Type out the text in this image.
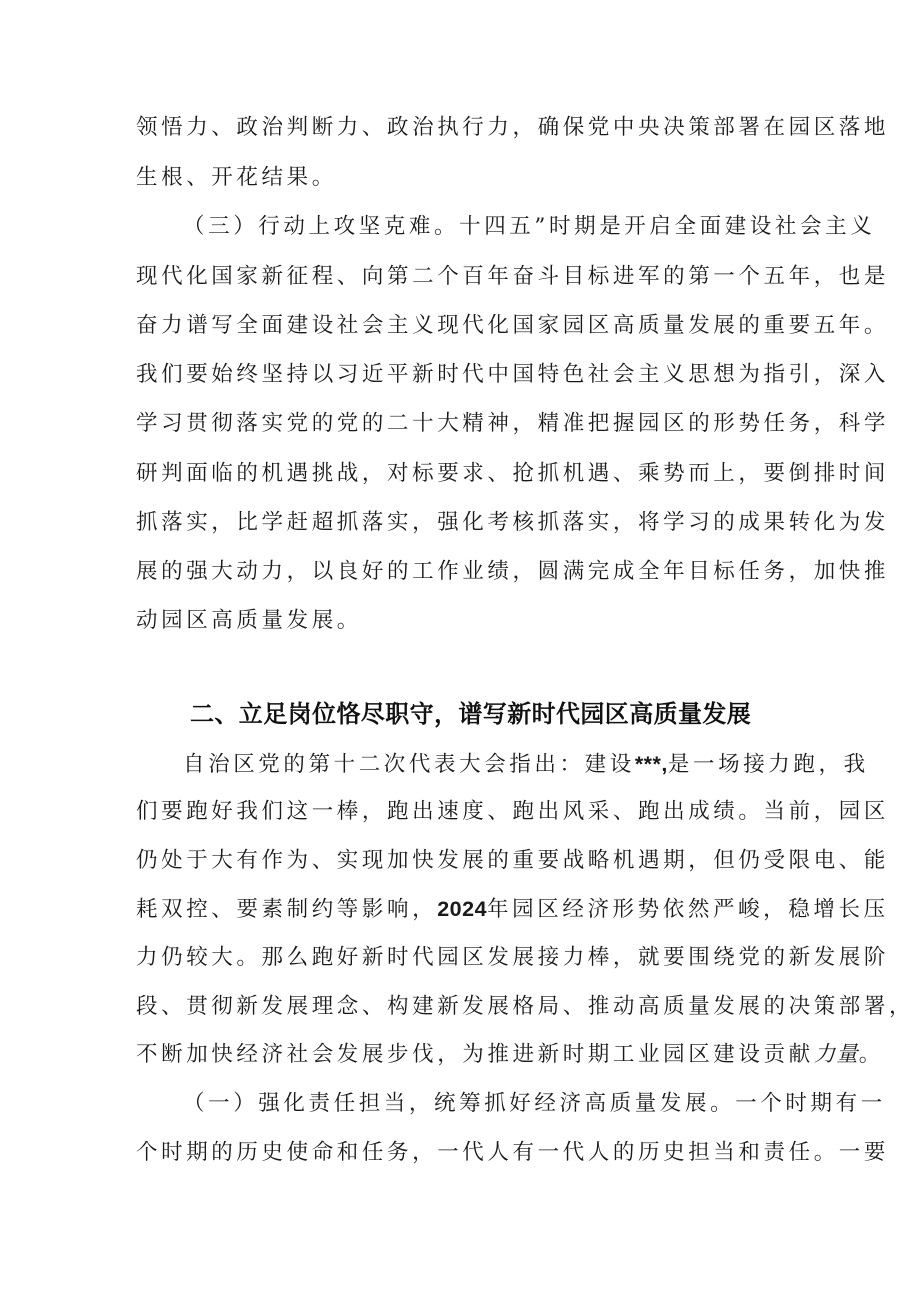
领悟力、政治判断力、政治执行力，确保党中央决策部署在园区落地
生根、开花结果。
（三）行动上攻坚克难。十四五”时期是开启全面建设社会主义
现代化国家新征程、向第二个百年奋斗目标进军的第一个五年，也是
奋力谱写全面建设社会主义现代化国家园区高质量发展的重要五年。
我们要始终坚持以习近平新时代中国特色社会主义思想为指引，深入
学习贯彻落实党的党的二十大精神，精准把握园区的形势任务，科学
研判面临的机遇挑战，对标要求、抢抓机遇、乘势而上，要倒排时间
抓落实，比学赶超抓落实，强化考核抓落实，将学习的成果转化为发
展的强大动力，以良好的工作业绩，圆满完成全年目标任务，加快推
动园区高质量发展。
二、立足岗位恪尽职守，谱写新时代园区高质量发展
自治区党的第十二次代表大会指出：建设***,是一场接力跑，我
们要跑好我们这一棒，跑出速度、跑出风采、跑出成绩。当前，园区
仍处于大有作为、实现加快发展的重要战略机遇期，但仍受限电、能
耗双控、要素制约等影响，2024年园区经济形势依然严峻，稳增长压
力仍较大。那么跑好新时代园区发展接力棒，就要围绕党的新发展阶
段、贯彻新发展理念、构建新发展格局、推动高质量发展的决策部署，
不断加快经济社会发展步伐，为推进新时期工业园区建设贡献力量。
（一）强化责任担当，统筹抓好经济高质量发展。一个时期有一
个时期的历史使命和任务，一代人有一代人的历史担当和责任。一要
